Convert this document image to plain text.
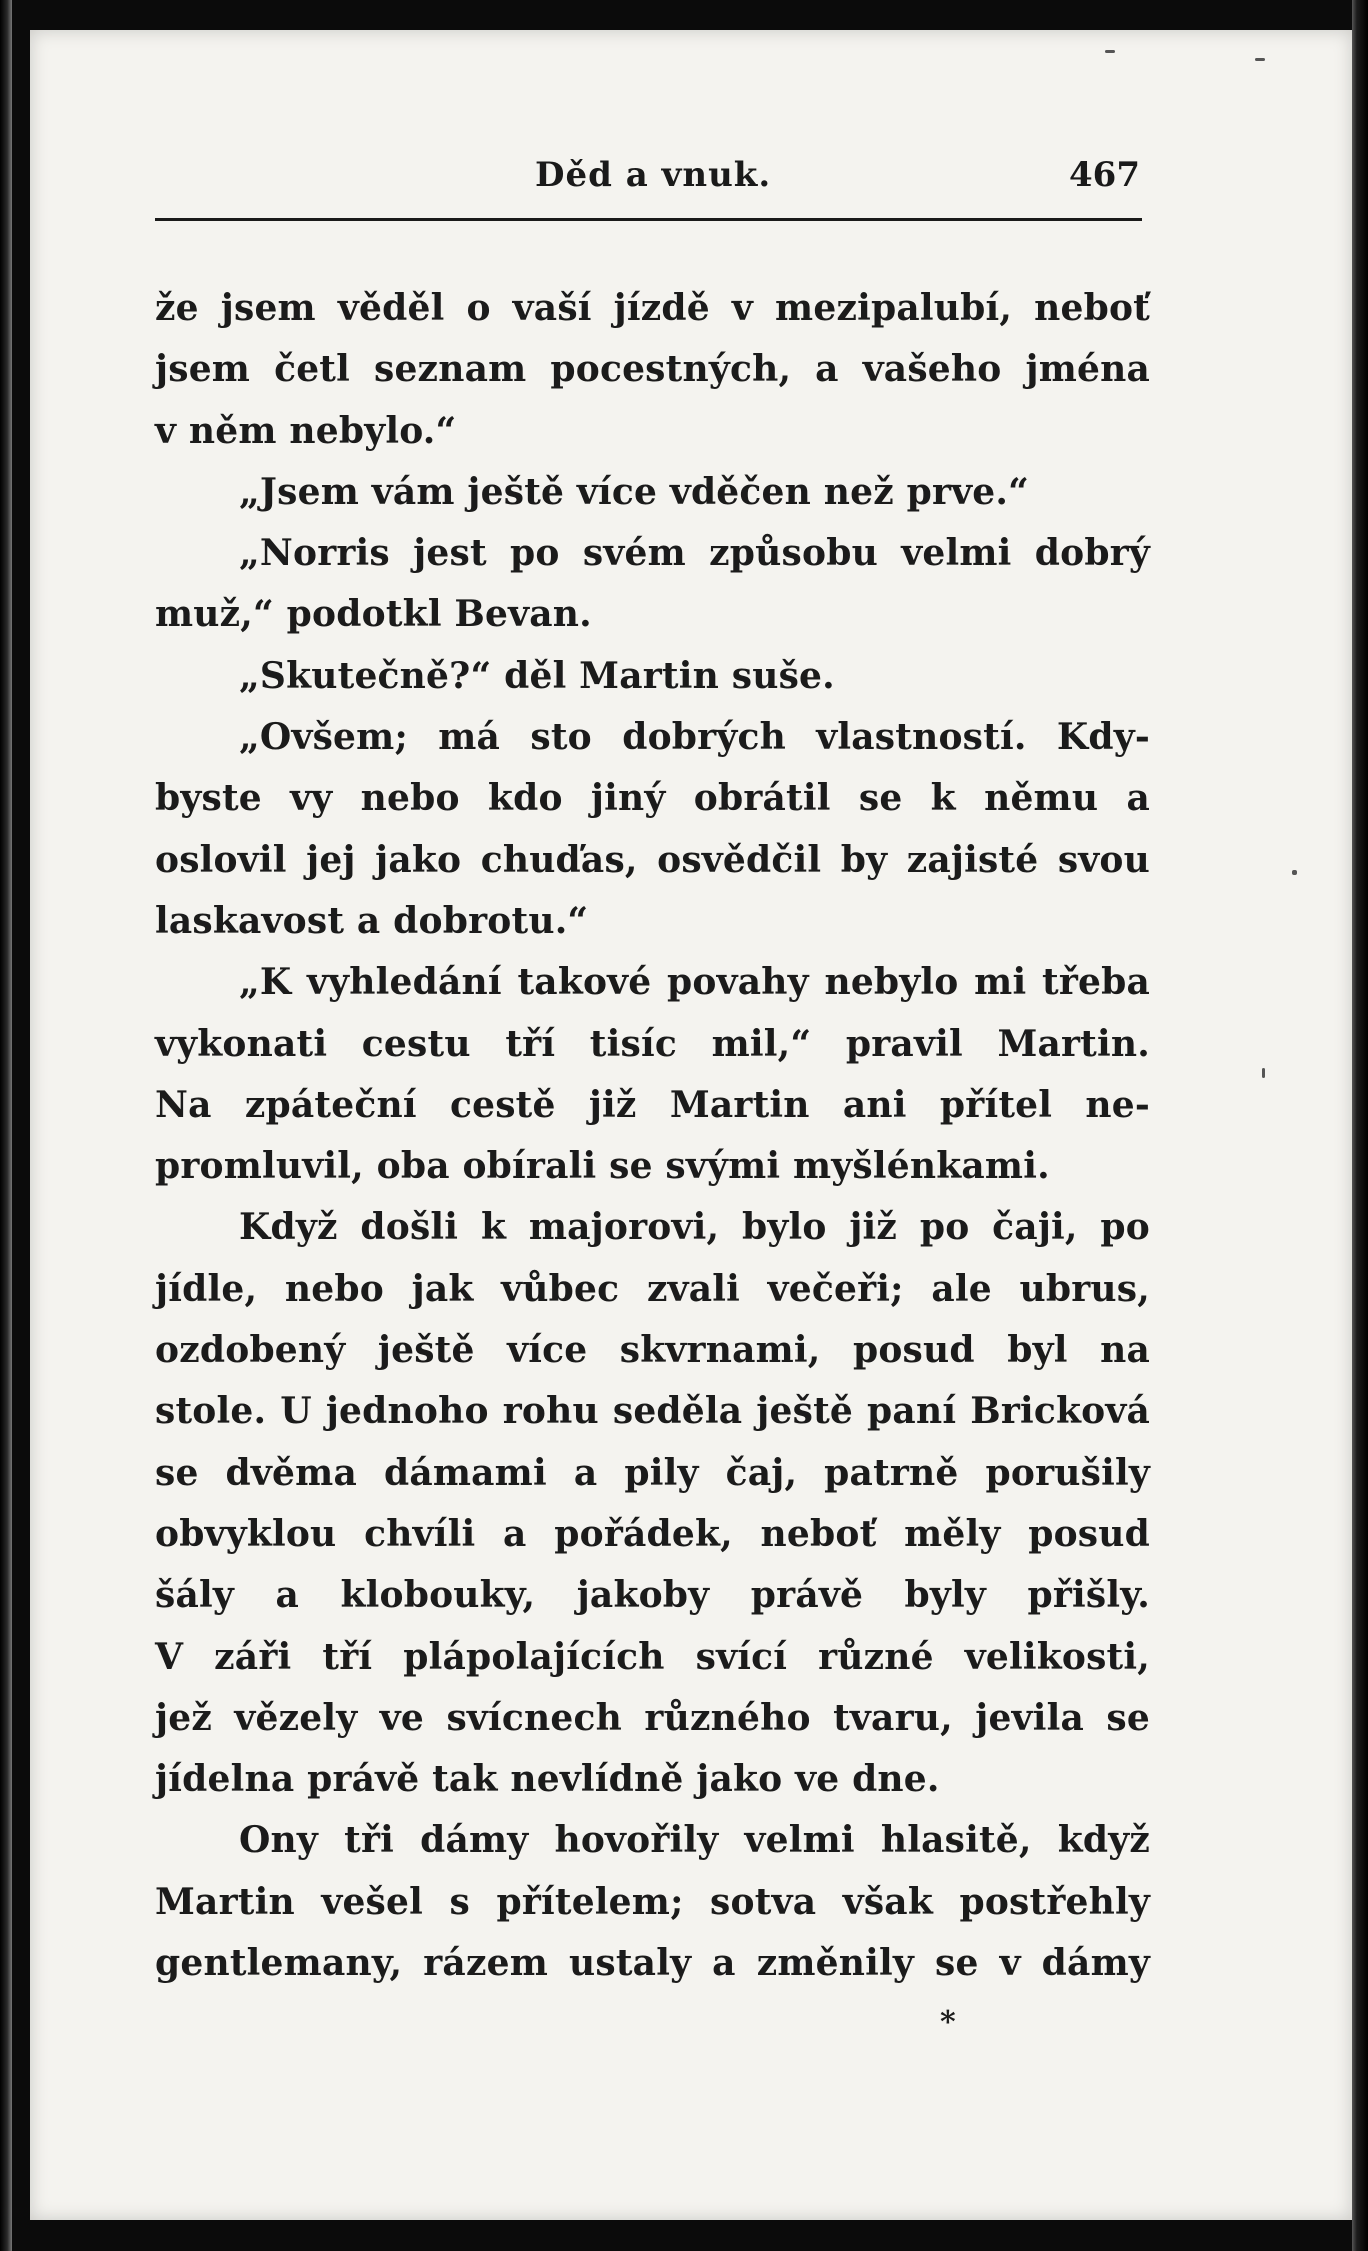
Děd a vnuk.	467
že jsem věděl o vaší jízdě v mezipalubí, neboť
jsem četl seznam pocestných, a vašeho jména
v něm nebylo.“
„Jsem vám ještě více vděčen než prve.“
„Norris jest po svém způsobu velmi dobrý
muž,“ podotkl Bevan.
„Skutečně?“ děl Martin suše.
„Ovšem; má sto dobrých vlastností. Kdy-
byste vy nebo kdo jiný obrátil se k němu a
oslovil jej jako chuďas, osvědčil by zajisté svou
laskavost a dobrotu.“
„K vyhledání takové povahy nebylo mi třeba
vykonati cestu tří tisíc mil,“ pravil Martin.
Na zpáteční cestě již Martin ani přítel ne-
promluvil, oba obírali se svými myšlénkami.
Když došli k majorovi, bylo již po čaji, po
jídle, nebo jak vůbec zvali večeři; ale ubrus,
ozdobený ještě více skvrnami, posud byl na
stole. U jednoho rohu seděla ještě paní Bricková
se dvěma dámami a pily čaj, patrně porušily
obvyklou chvíli a pořádek, neboť měly posud
šály a klobouky, jakoby právě byly přišly.
V záři tří plápolajících svící různé velikosti,
jež vězely ve svícnech různého tvaru, jevila se
jídelna právě tak nevlídně jako ve dne.
Ony tři dámy hovořily velmi hlasitě, když
Martin vešel s přítelem; sotva však postřehly
gentlemany, rázem ustaly a změnily se v dámy
*
